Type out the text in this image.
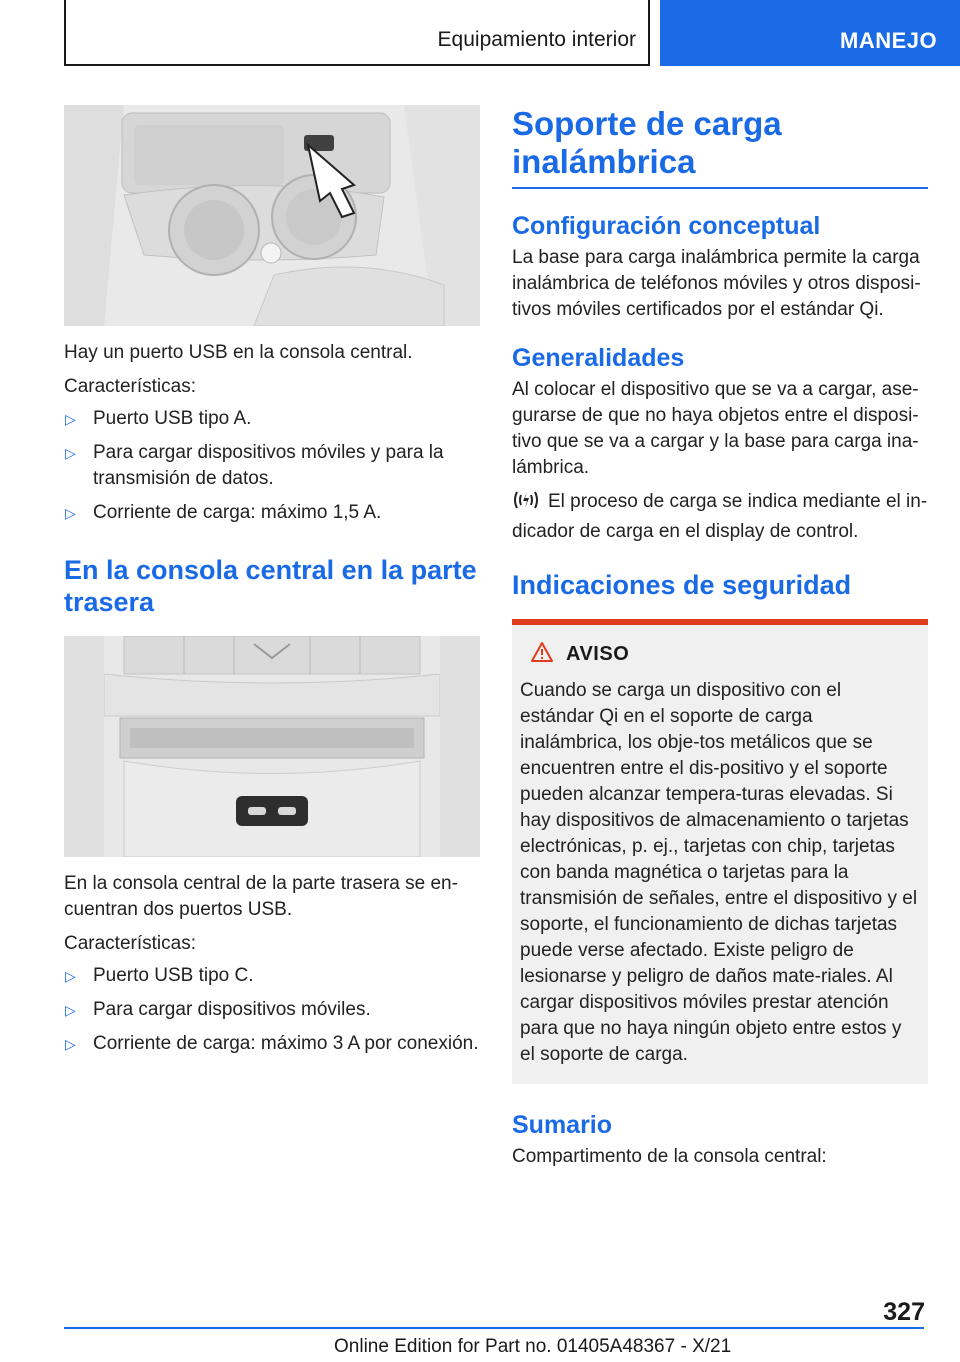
Equipamiento interior	MANEJO

Hay un puerto USB en la consola central.

Características:

▷ Puerto USB tipo A.
▷ Para cargar dispositivos móviles y para la transmisión de datos.
▷ Corriente de carga: máximo 1,5 A.
En la consola central en la parte trasera

En la consola central de la parte trasera se en-cuentran dos puertos USB.

Características:

▷ Puerto USB tipo C.
▷ Para cargar dispositivos móviles.
▷ Corriente de carga: máximo 3 A por conexión.
Soporte de carga inalámbrica
Configuración conceptual

La base para carga inalámbrica permite la carga inalámbrica de teléfonos móviles y otros disposi-tivos móviles certificados por el estándar Qi.

Generalidades

Al colocar el dispositivo que se va a cargar, ase-gurarse de que no haya objetos entre el disposi-tivo que se va a cargar y la base para carga ina-lámbrica.

El proceso de carga se indica mediante el in-dicador de carga en el display de control.

Indicaciones de seguridad
AVISO

Cuando se carga un dispositivo con el estándar Qi en el soporte de carga inalámbrica, los obje-tos metálicos que se encuentren entre el dis-positivo y el soporte pueden alcanzar tempera-turas elevadas. Si hay dispositivos de almacenamiento o tarjetas electrónicas, p. ej., tarjetas con chip, tarjetas con banda magnética o tarjetas para la transmisión de señales, entre el dispositivo y el soporte, el funcionamiento de dichas tarjetas puede verse afectado. Existe peligro de lesionarse y peligro de daños mate-riales. Al cargar dispositivos móviles prestar atención para que no haya ningún objeto entre estos y el soporte de carga.

Sumario

Compartimento de la consola central:

327
Online Edition for Part no. 01405A48367 - X/21
